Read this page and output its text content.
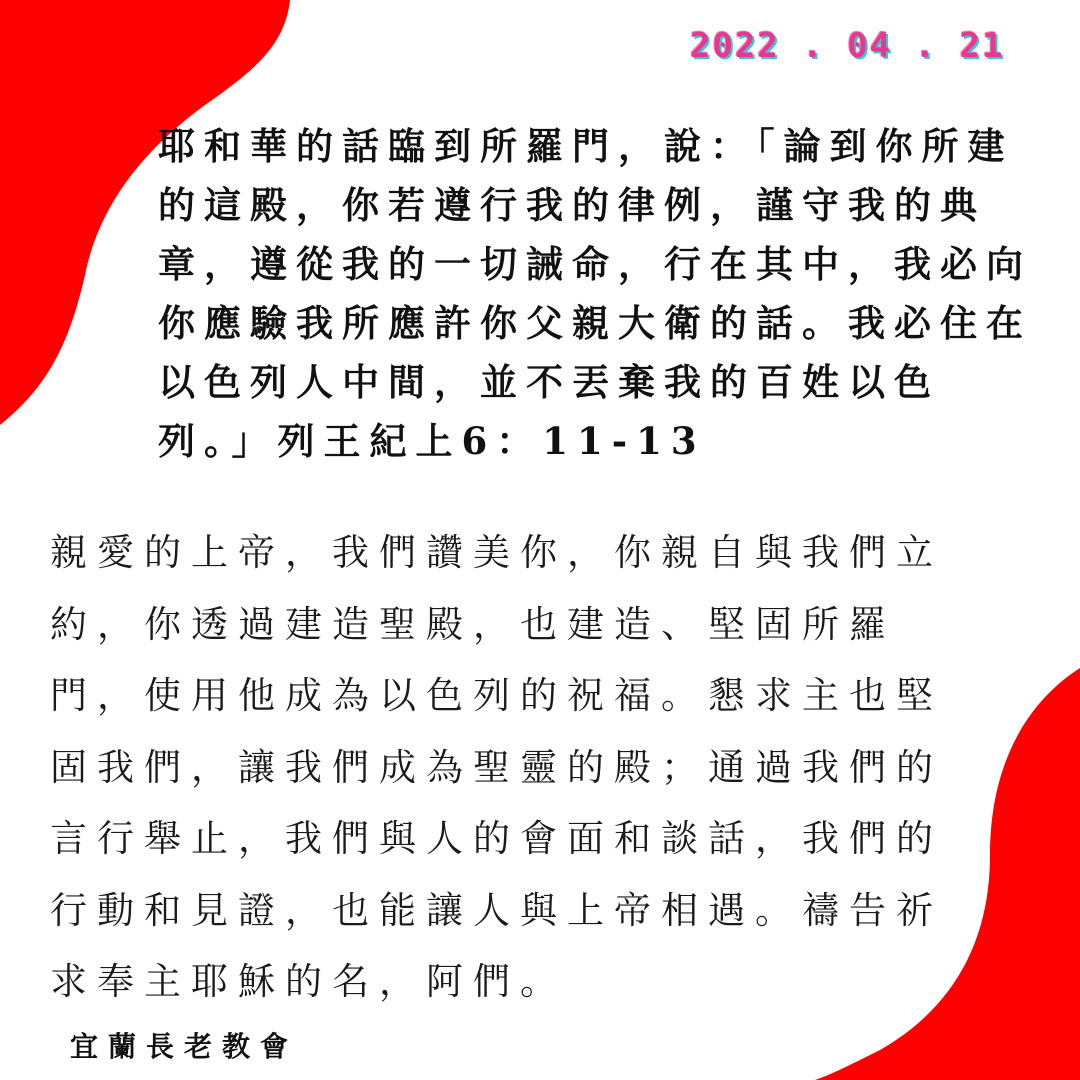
2022 . 04 . 21
耶和華的話臨到所羅門，說：「論到你所建
的這殿，你若遵行我的律例，謹守我的典
章，遵從我的一切誡命，行在其中，我必向
你應驗我所應許你父親大衛的話。我必住在
以色列人中間，並不丟棄我的百姓以色
列。」列王紀上6：11-13
親愛的上帝，我們讚美你，你親自與我們立
約，你透過建造聖殿，也建造、堅固所羅
門，使用他成為以色列的祝福。懇求主也堅
固我們，讓我們成為聖靈的殿；通過我們的
言行舉止，我們與人的會面和談話，我們的
行動和見證，也能讓人與上帝相遇。禱告祈
求奉主耶穌的名，阿們。
宜蘭長老教會
